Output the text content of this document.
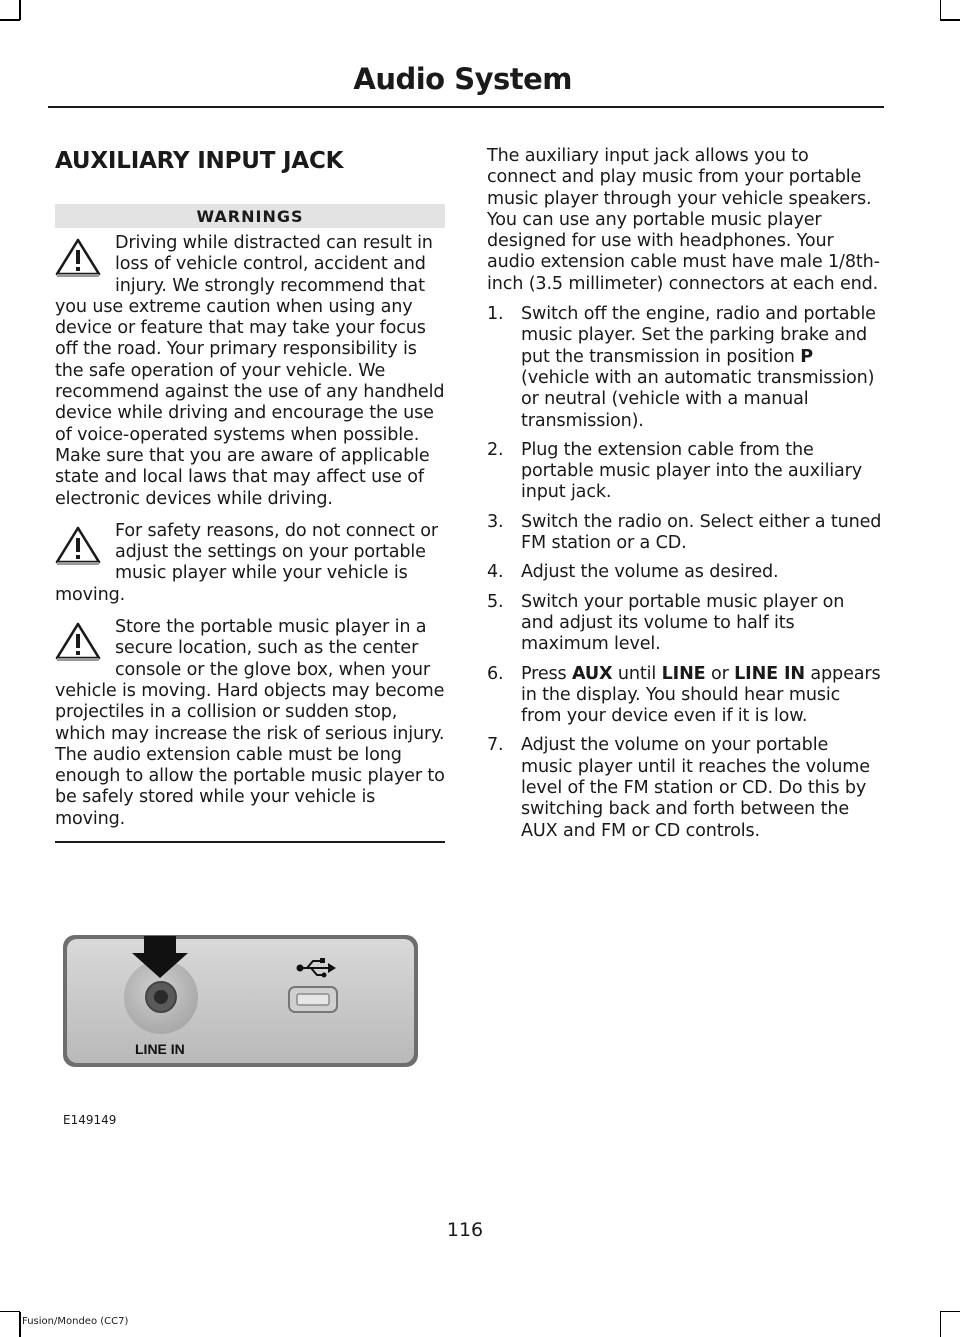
Audio System
AUXILIARY INPUT JACK
WARNINGS
Driving while distracted can result in loss of vehicle control, accident and injury. We strongly recommend that you use extreme caution when using any device or feature that may take your focus off the road. Your primary responsibility is the safe operation of your vehicle. We recommend against the use of any handheld device while driving and encourage the use of voice-operated systems when possible. Make sure that you are aware of applicable state and local laws that may affect use of electronic devices while driving.
For safety reasons, do not connect or adjust the settings on your portable music player while your vehicle is moving.
Store the portable music player in a secure location, such as the center console or the glove box, when your vehicle is moving. Hard objects may become projectiles in a collision or sudden stop, which may increase the risk of serious injury. The audio extension cable must be long enough to allow the portable music player to be safely stored while your vehicle is moving.

The auxiliary input jack allows you to connect and play music from your portable music player through your vehicle speakers. You can use any portable music player designed for use with headphones. Your audio extension cable must have male 1/8th-inch (3.5 millimeter) connectors at each end.

1. Switch off the engine, radio and portable music player. Set the parking brake and put the transmission in position P (vehicle with an automatic transmission) or neutral (vehicle with a manual transmission).
2. Plug the extension cable from the portable music player into the auxiliary input jack.
3. Switch the radio on. Select either a tuned FM station or a CD.
4. Adjust the volume as desired.
5. Switch your portable music player on and adjust its volume to half its maximum level.
6. Press AUX until LINE or LINE IN appears in the display. You should hear music from your device even if it is low.
7. Adjust the volume on your portable music player until it reaches the volume level of the FM station or CD. Do this by switching back and forth between the AUX and FM or CD controls.
LINE IN
E149149
116
Fusion/Mondeo (CC7)
